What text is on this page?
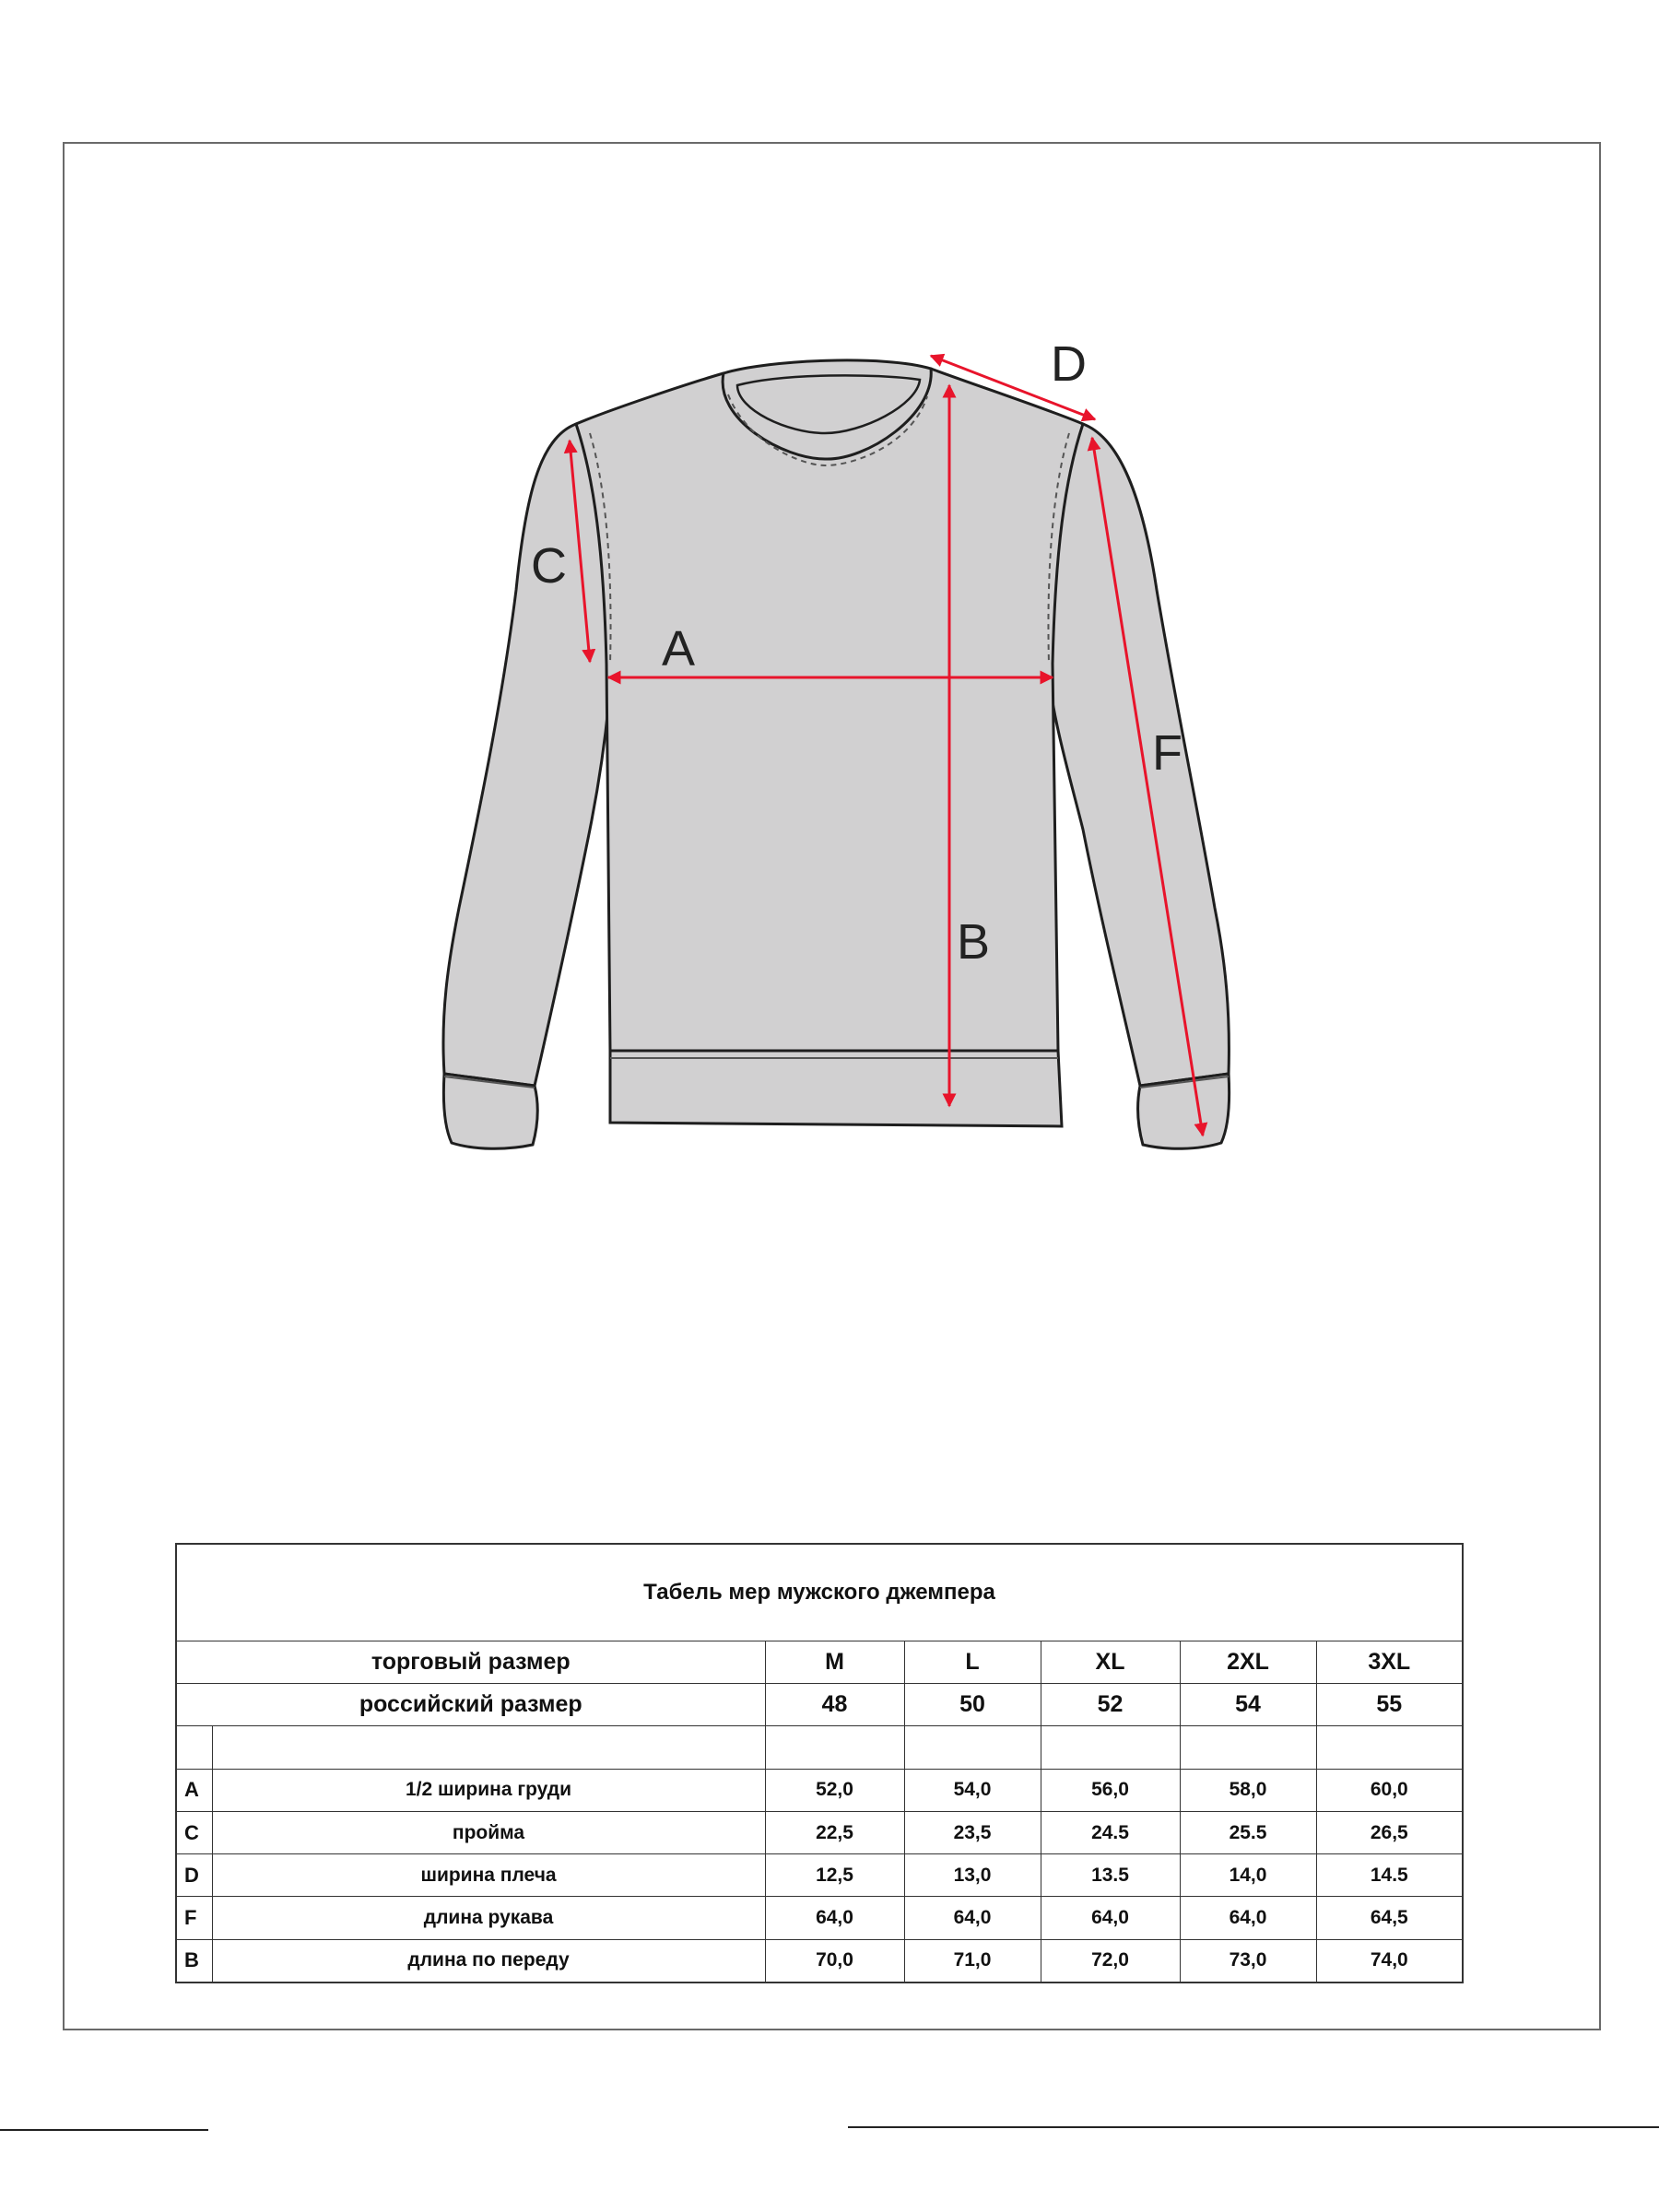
A
B
C
D
F
Табель мер мужского джемпера						
торговый размер		M	L	XL	2XL	3XL
российский размер		48	50	52	54	55

A	1/2 ширина груди	52,0	54,0	56,0	58,0	60,0
C	пройма	22,5	23,5	24.5	25.5	26,5
D	ширина плеча	12,5	13,0	13.5	14,0	14.5
F	длина рукава	64,0	64,0	64,0	64,0	64,5
B	длина по переду	70,0	71,0	72,0	73,0	74,0
